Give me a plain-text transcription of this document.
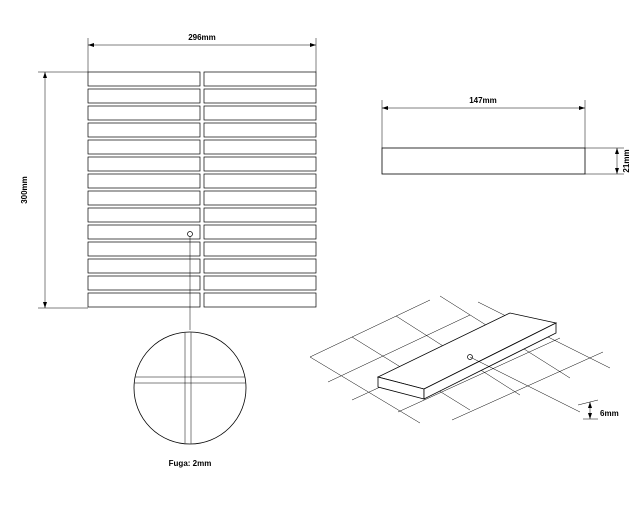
296mm
300mm
147mm
21mm
6mm
Fuga: 2mm
